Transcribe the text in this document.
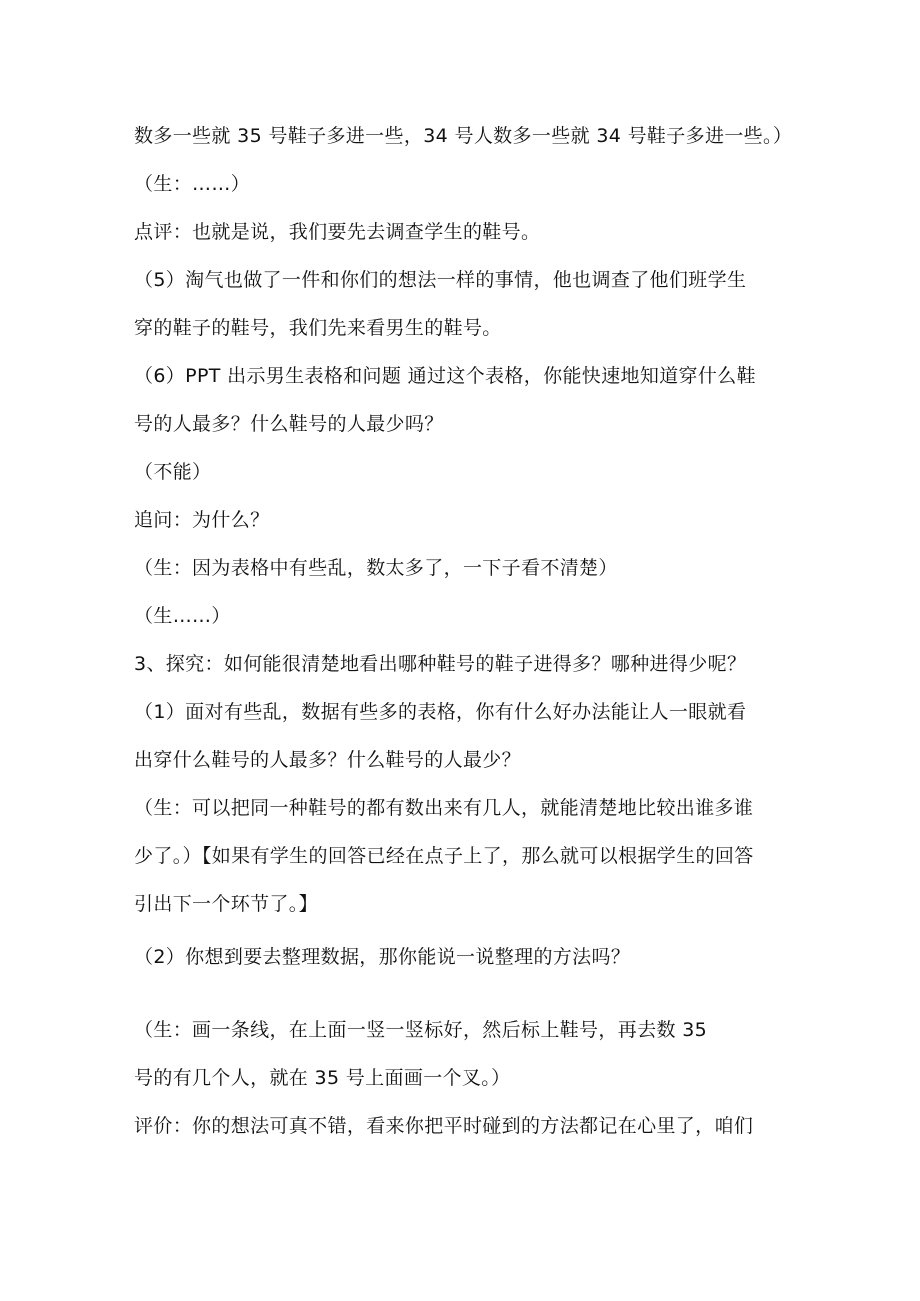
数多一些就 35 号鞋子多进一些，34 号人数多一些就 34 号鞋子多进一些。）
（生：……）
点评：也就是说，我们要先去调查学生的鞋号。
（5）淘气也做了一件和你们的想法一样的事情，他也调查了他们班学生
穿的鞋子的鞋号，我们先来看男生的鞋号。
（6）PPT 出示男生表格和问题 通过这个表格，你能快速地知道穿什么鞋
号的人最多？什么鞋号的人最少吗？
（不能）
追问：为什么？
（生：因为表格中有些乱，数太多了，一下子看不清楚）
（生……）
3、探究：如何能很清楚地看出哪种鞋号的鞋子进得多？哪种进得少呢？
（1）面对有些乱，数据有些多的表格，你有什么好办法能让人一眼就看
出穿什么鞋号的人最多？什么鞋号的人最少？
（生：可以把同一种鞋号的都有数出来有几人，就能清楚地比较出谁多谁
少了。）【如果有学生的回答已经在点子上了，那么就可以根据学生的回答
引出下一个环节了。】
（2）你想到要去整理数据，那你能说一说整理的方法吗？
（生：画一条线，在上面一竖一竖标好，然后标上鞋号，再去数 35
号的有几个人，就在 35 号上面画一个叉。）
评价：你的想法可真不错，看来你把平时碰到的方法都记在心里了，咱们
